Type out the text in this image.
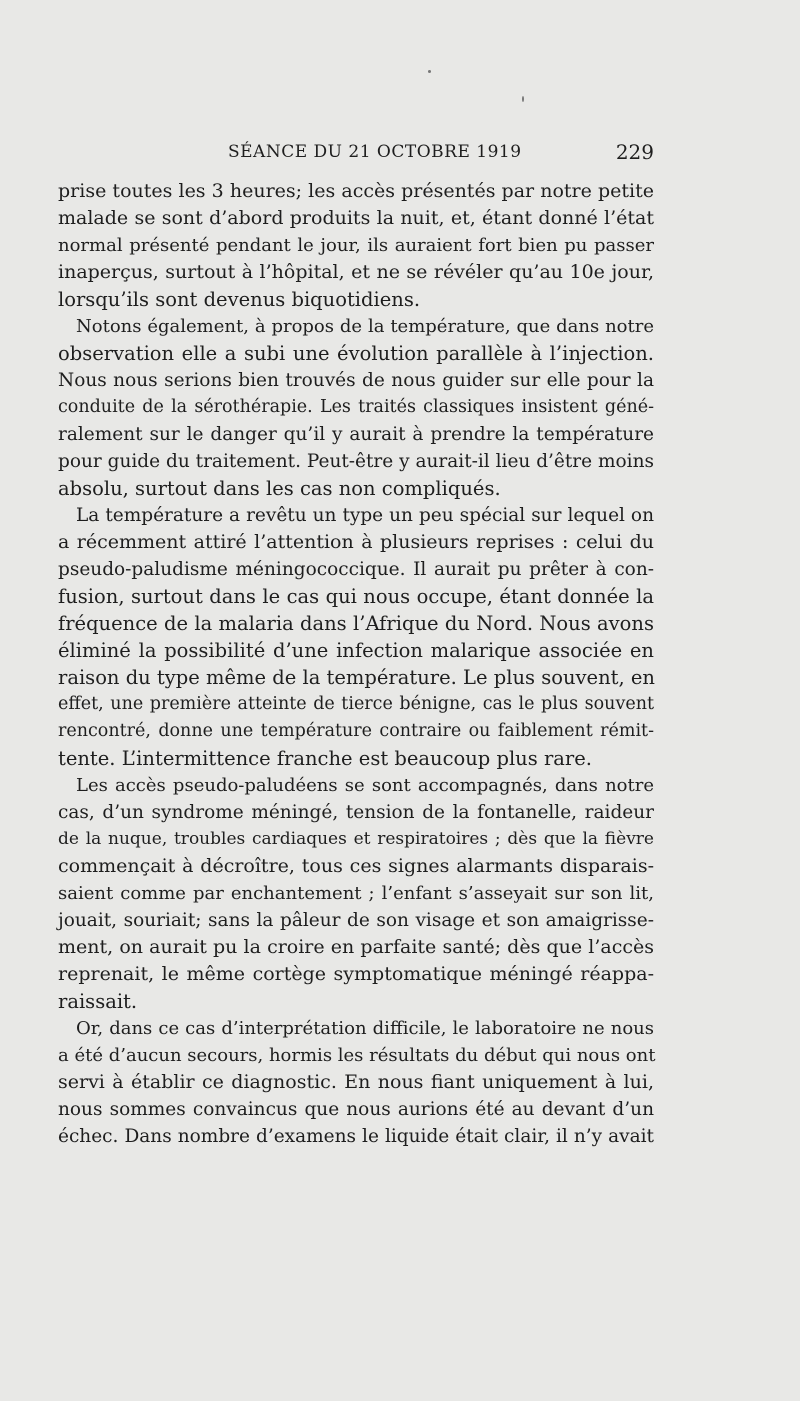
SÉANCE DU 21 OCTOBRE 1919	229
prise toutes les 3 heures; les accès présentés par notre petite
malade se sont d’abord produits la nuit, et, étant donné l’état
normal présenté pendant le jour, ils auraient fort bien pu passer
inaperçus, surtout à l’hôpital, et ne se révéler qu’au 10e jour,
lorsqu’ils sont devenus biquotidiens.
Notons également, à propos de la température, que dans notre
observation elle a subi une évolution parallèle à l’injection.
Nous nous serions bien trouvés de nous guider sur elle pour la
conduite de la sérothérapie. Les traités classiques insistent géné-
ralement sur le danger qu’il y aurait à prendre la température
pour guide du traitement. Peut-être y aurait-il lieu d’être moins
absolu, surtout dans les cas non compliqués.
La température a revêtu un type un peu spécial sur lequel on
a récemment attiré l’attention à plusieurs reprises : celui du
pseudo-paludisme méningococcique. Il aurait pu prêter à con-
fusion, surtout dans le cas qui nous occupe, étant donnée la
fréquence de la malaria dans l’Afrique du Nord. Nous avons
éliminé la possibilité d’une infection malarique associée en
raison du type même de la température. Le plus souvent, en
effet, une première atteinte de tierce bénigne, cas le plus souvent
rencontré, donne une température contraire ou faiblement rémit-
tente. L’intermittence franche est beaucoup plus rare.
Les accès pseudo-paludéens se sont accompagnés, dans notre
cas, d’un syndrome méningé, tension de la fontanelle, raideur
de la nuque, troubles cardiaques et respiratoires ; dès que la fièvre
commençait à décroître, tous ces signes alarmants disparais-
saient comme par enchantement ; l’enfant s’asseyait sur son lit,
jouait, souriait; sans la pâleur de son visage et son amaigrisse-
ment, on aurait pu la croire en parfaite santé; dès que l’accès
reprenait, le même cortège symptomatique méningé réappa-
raissait.
Or, dans ce cas d’interprétation difficile, le laboratoire ne nous
a été d’aucun secours, hormis les résultats du début qui nous ont
servi à établir ce diagnostic. En nous fiant uniquement à lui,
nous sommes convaincus que nous aurions été au devant d’un
échec. Dans nombre d’examens le liquide était clair, il n’y avait
